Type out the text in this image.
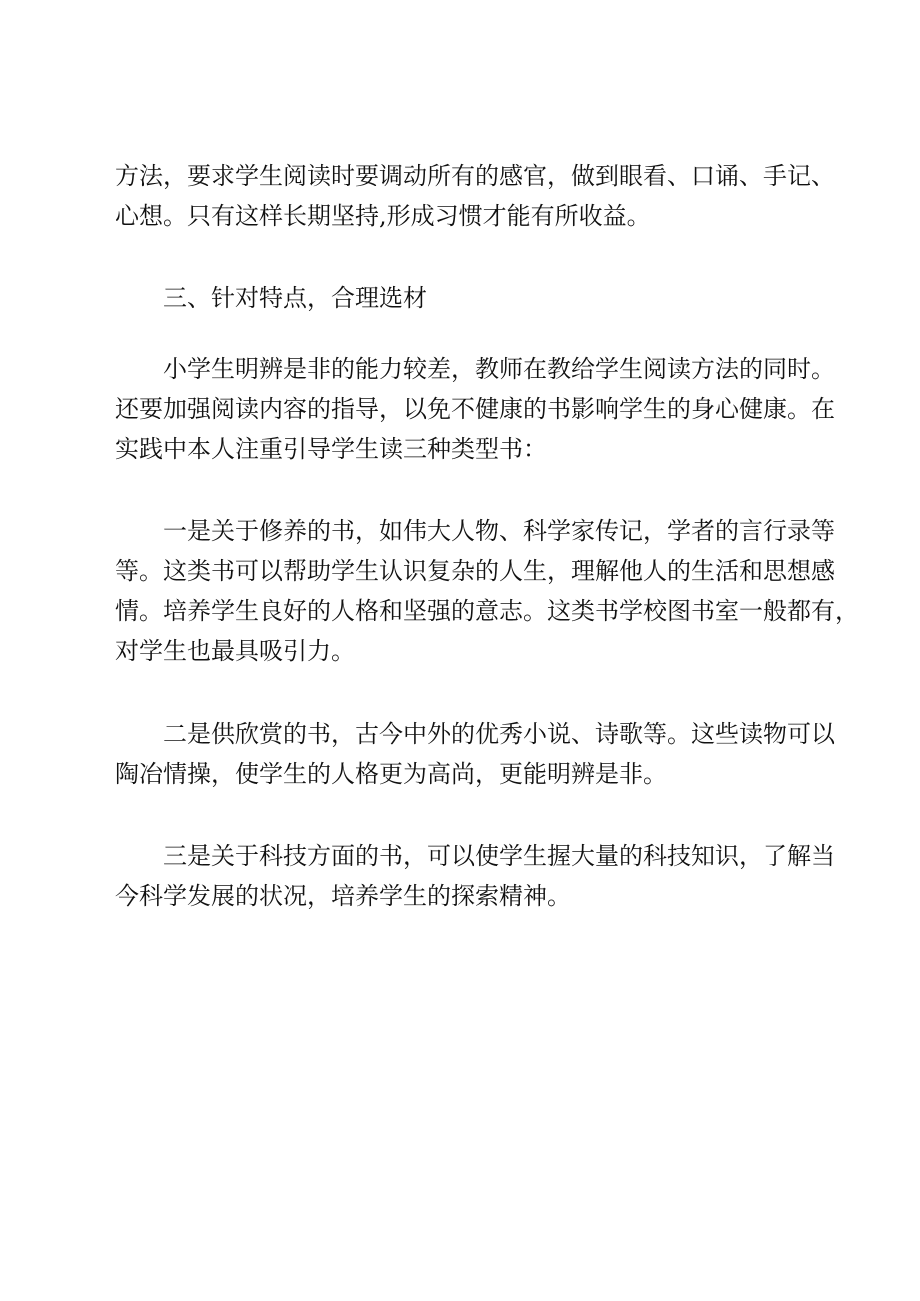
方法，要求学生阅读时要调动所有的感官，做到眼看、口诵、手记、
心想。只有这样长期坚持,形成习惯才能有所收益。
三、针对特点，合理选材
小学生明辨是非的能力较差，教师在教给学生阅读方法的同时。
还要加强阅读内容的指导，以免不健康的书影响学生的身心健康。在
实践中本人注重引导学生读三种类型书：
一是关于修养的书，如伟大人物、科学家传记，学者的言行录等
等。这类书可以帮助学生认识复杂的人生，理解他人的生活和思想感
情。培养学生良好的人格和坚强的意志。这类书学校图书室一般都有，
对学生也最具吸引力。
二是供欣赏的书，古今中外的优秀小说、诗歌等。这些读物可以
陶冶情操，使学生的人格更为高尚，更能明辨是非。
三是关于科技方面的书，可以使学生握大量的科技知识，了解当
今科学发展的状况，培养学生的探索精神。
